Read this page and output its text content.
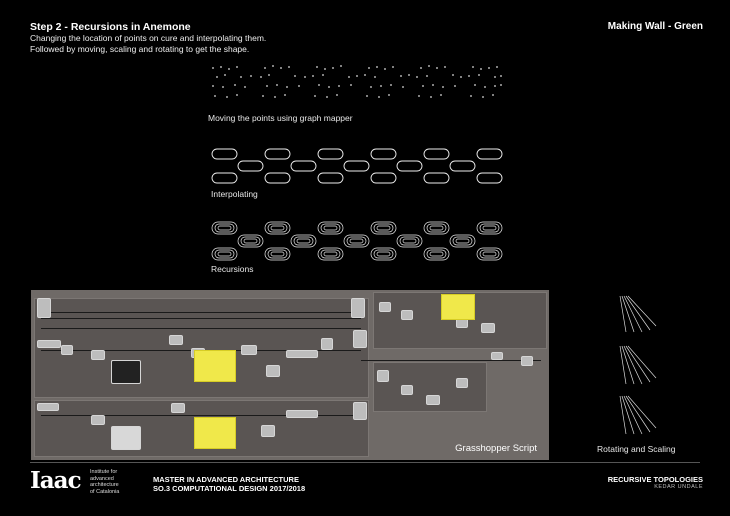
Step 2 - Recursions in Anemone
Changing the location of points on cure and interpolating them.
Followed by moving, scaling and rotating to get the shape.
Making Wall - Green
Moving the points using graph mapper
Interpolating
Recursions
Grasshopper Script	Rotating and Scaling
Iaac Institute for
advanced
architecture
of Catalonia
MASTER IN ADVANCED ARCHITECTURE
SO.3 COMPUTATIONAL DESIGN 2017/2018
RECURSIVE TOPOLOGIES
KEDAR UNDALE
